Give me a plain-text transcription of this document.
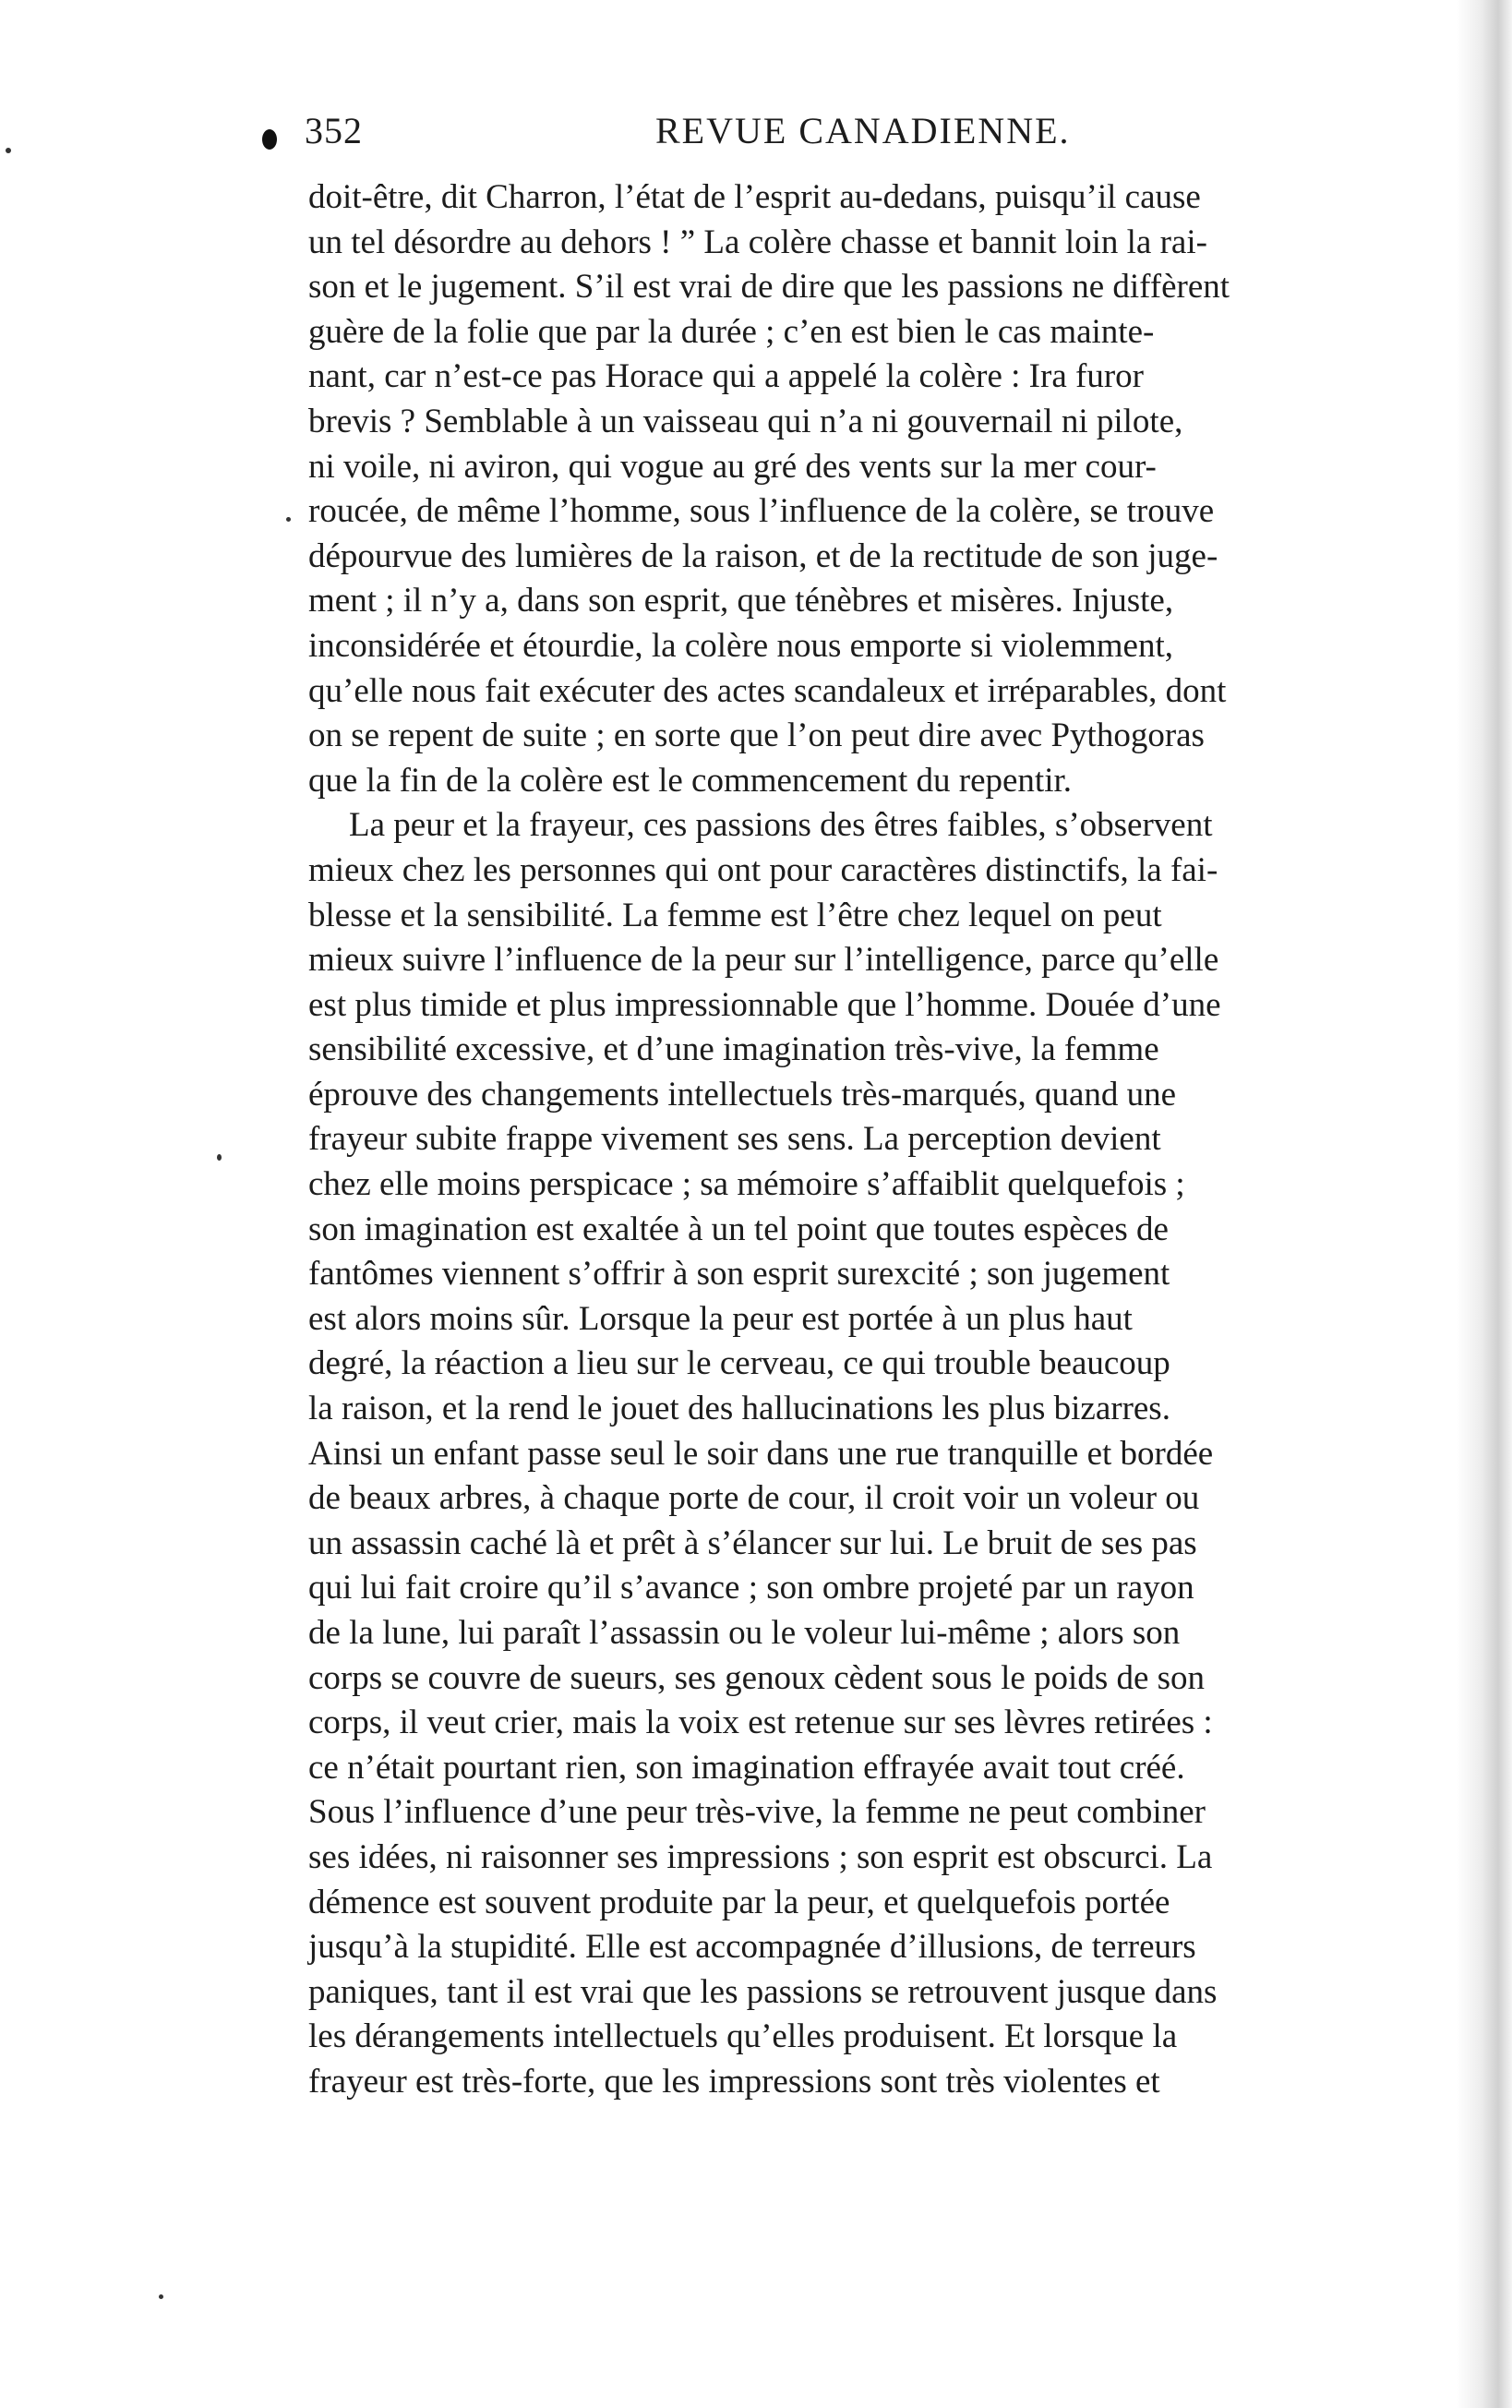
352	REVUE CANADIENNE.
doit-être, dit Charron, l’état de l’esprit au-dedans, puisqu’il cause
un tel désordre au dehors ! ” La colère chasse et bannit loin la rai-
son et le jugement. S’il est vrai de dire que les passions ne diffèrent
guère de la folie que par la durée ; c’en est bien le cas mainte-
nant, car n’est-ce pas Horace qui a appelé la colère : Ira furor
brevis ? Semblable à un vaisseau qui n’a ni gouvernail ni pilote,
ni voile, ni aviron, qui vogue au gré des vents sur la mer cour-
roucée, de même l’homme, sous l’influence de la colère, se trouve
dépourvue des lumières de la raison, et de la rectitude de son juge-
ment ; il n’y a, dans son esprit, que ténèbres et misères. Injuste,
inconsidérée et étourdie, la colère nous emporte si violemment,
qu’elle nous fait exécuter des actes scandaleux et irréparables, dont
on se repent de suite ; en sorte que l’on peut dire avec Pythogoras
que la fin de la colère est le commencement du repentir.
La peur et la frayeur, ces passions des êtres faibles, s’observent
mieux chez les personnes qui ont pour caractères distinctifs, la fai-
blesse et la sensibilité. La femme est l’être chez lequel on peut
mieux suivre l’influence de la peur sur l’intelligence, parce qu’elle
est plus timide et plus impressionnable que l’homme. Douée d’une
sensibilité excessive, et d’une imagination très-vive, la femme
éprouve des changements intellectuels très-marqués, quand une
frayeur subite frappe vivement ses sens. La perception devient
chez elle moins perspicace ; sa mémoire s’affaiblit quelquefois ;
son imagination est exaltée à un tel point que toutes espèces de
fantômes viennent s’offrir à son esprit surexcité ; son jugement
est alors moins sûr. Lorsque la peur est portée à un plus haut
degré, la réaction a lieu sur le cerveau, ce qui trouble beaucoup
la raison, et la rend le jouet des hallucinations les plus bizarres.
Ainsi un enfant passe seul le soir dans une rue tranquille et bordée
de beaux arbres, à chaque porte de cour, il croit voir un voleur ou
un assassin caché là et prêt à s’élancer sur lui. Le bruit de ses pas
qui lui fait croire qu’il s’avance ; son ombre projeté par un rayon
de la lune, lui paraît l’assassin ou le voleur lui-même ; alors son
corps se couvre de sueurs, ses genoux cèdent sous le poids de son
corps, il veut crier, mais la voix est retenue sur ses lèvres retirées :
ce n’était pourtant rien, son imagination effrayée avait tout créé.
Sous l’influence d’une peur très-vive, la femme ne peut combiner
ses idées, ni raisonner ses impressions ; son esprit est obscurci. La
démence est souvent produite par la peur, et quelquefois portée
jusqu’à la stupidité. Elle est accompagnée d’illusions, de terreurs
paniques, tant il est vrai que les passions se retrouvent jusque dans
les dérangements intellectuels qu’elles produisent. Et lorsque la
frayeur est très-forte, que les impressions sont très violentes et
